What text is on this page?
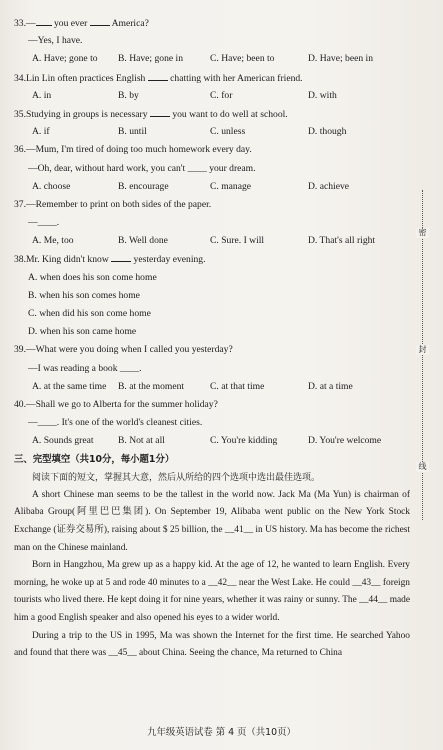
33.— you ever  America?
—Yes, I have.
A. Have; gone to B. Have; gone in	C. Have; been to	D. Have; been in
34.Lin Lin often practices English  chatting with her American friend.
A. in	B. by	C. for	D. with
35.Studying in groups is necessary  you want to do well at school.
A. if	B. until	C. unless	D. though
36.—Mum, I'm tired of doing too much homework every day.
—Oh, dear, without hard work, you can't ____ your dream.
A. choose	B. encourage	C. manage	D. achieve
37.—Remember to print on both sides of the paper.
—____.
A. Me, too	B. Well done	C. Sure. I will	D. That's all right
38.Mr. King didn't know  yesterday evening.
A. when does his son come home
B. when his son comes home
C. when did his son come home
D. when his son came home
39.—What were you doing when I called you yesterday?
—I was reading a book ____.
A. at the same time B. at the moment	C. at that time	D. at a time
40.—Shall we go to Alberta for the summer holiday?
—____. It's one of the world's cleanest cities.
A. Sounds great	B. Not at all	C. You're kidding	D. You're welcome
三、完型填空（共10分，每小题1分）
阅读下面的短文，掌握其大意，然后从所给的四个选项中选出最佳选项。

A short Chinese man seems to be the tallest in the world now. Jack Ma (Ma Yun) is chairman of Alibaba Group(阿里巴巴集团). On September 19, Alibaba went public on the New York Stock Exchange (证券交易所), raising about $ 25 billion, the __41__ in US history. Ma has become the richest man on the Chinese mainland.

Born in Hangzhou, Ma grew up as a happy kid. At the age of 12, he wanted to learn English. Every morning, he woke up at 5 and rode 40 minutes to a __42__ near the West Lake. He could __43__ foreign tourists who lived there. He kept doing it for nine years, whether it was rainy or sunny. The __44__ made him a good English speaker and also opened his eyes to a wider world.

During a trip to the US in 1995, Ma was shown the Internet for the first time. He searched Yahoo and found that there was __45__ about China. Seeing the chance, Ma returned to China

密
封
线
九年级英语试卷 第 4 页（共10页）
